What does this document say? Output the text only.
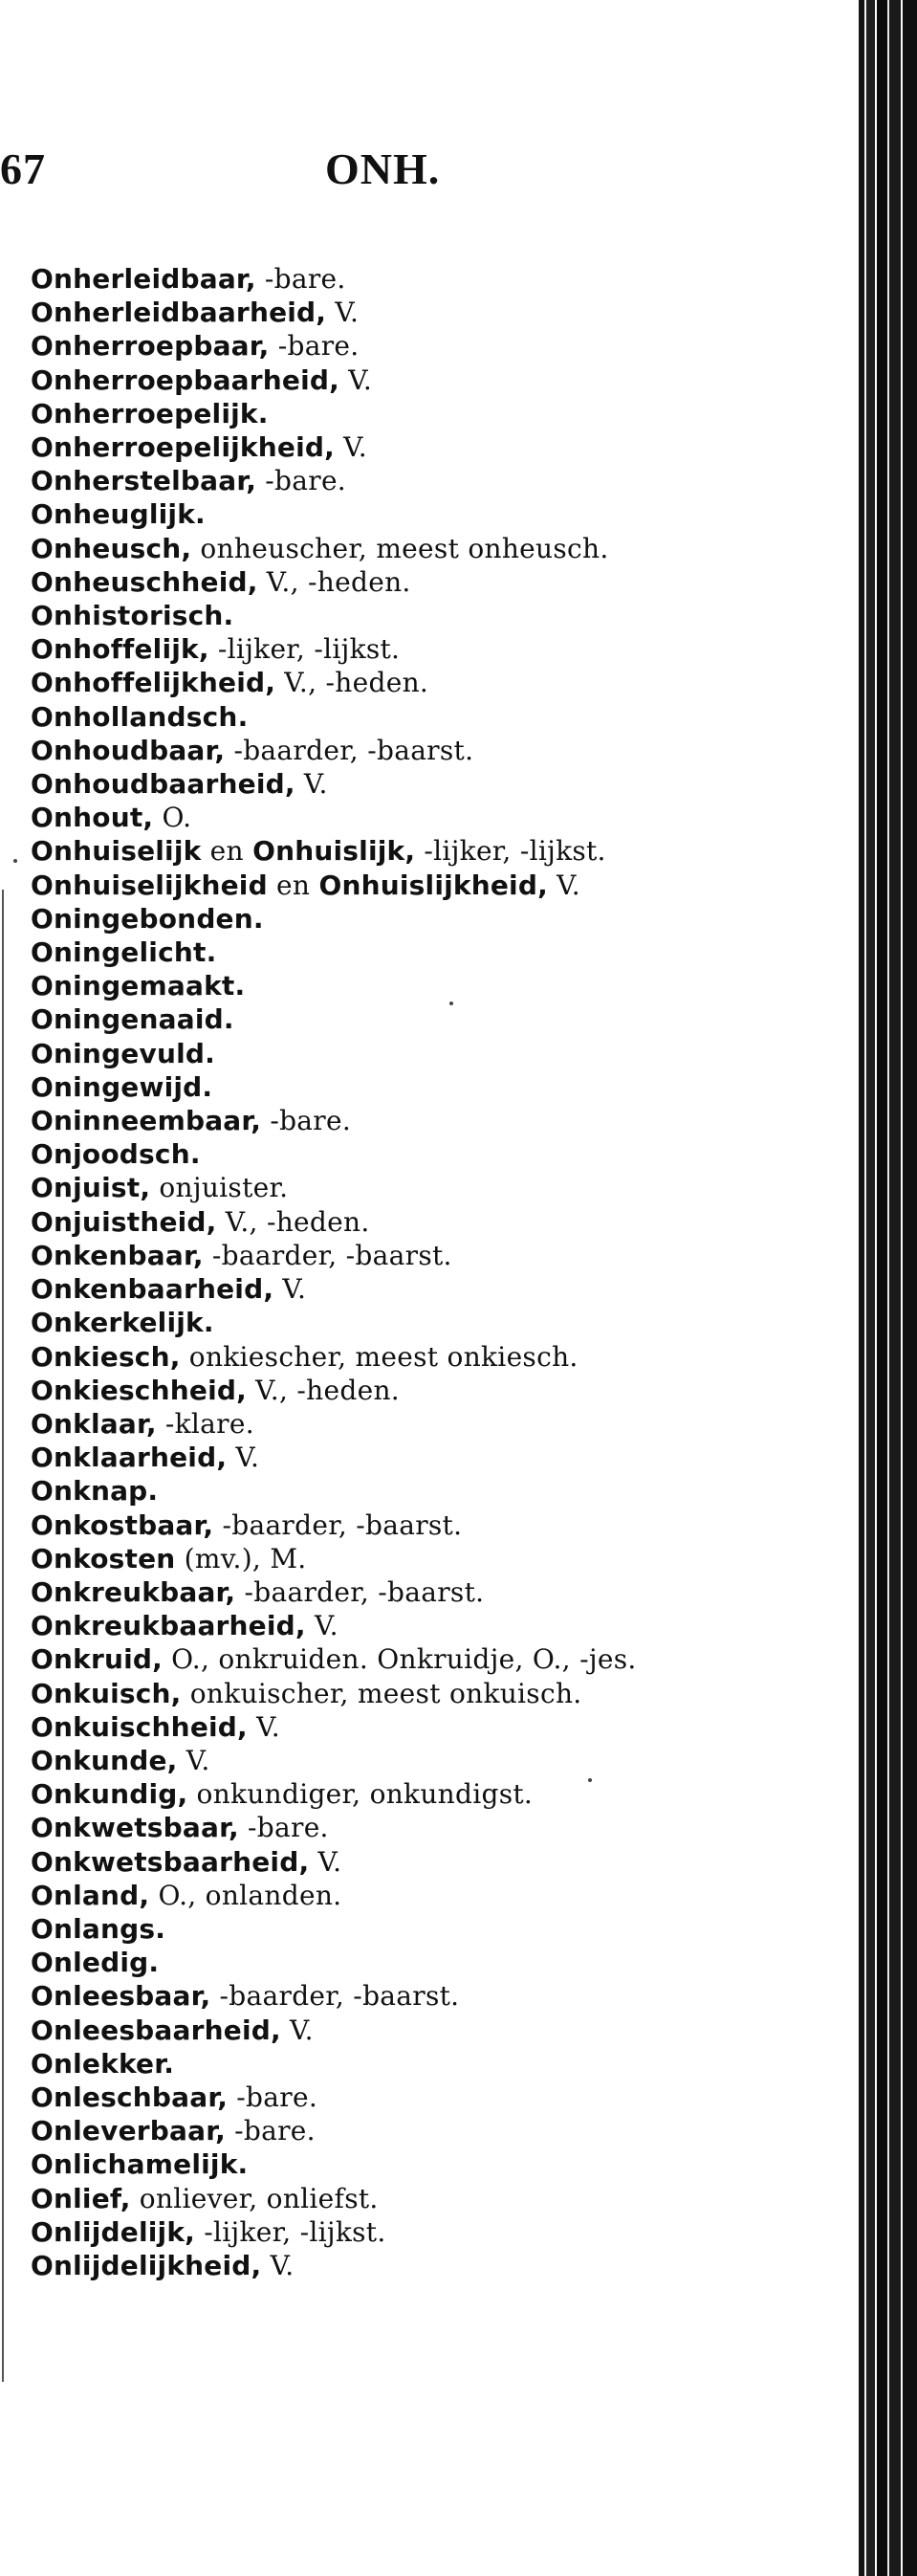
67	ONH.
Onherleidbaar, -bare.
Onherleidbaarheid, V.
Onherroepbaar, -bare.
Onherroepbaarheid, V.
Onherroepelijk.
Onherroepelijkheid, V.
Onherstelbaar, -bare.
Onheuglijk.
Onheusch, onheuscher, meest onheusch.
Onheuschheid, V., -heden.
Onhistorisch.
Onhoffelijk, -lijker, -lijkst.
Onhoffelijkheid, V., -heden.
Onhollandsch.
Onhoudbaar, -baarder, -baarst.
Onhoudbaarheid, V.
Onhout, O.
Onhuiselijk en Onhuislijk, -lijker, -lijkst.
Onhuiselijkheid en Onhuislijkheid, V.
Oningebonden.
Oningelicht.
Oningemaakt.
Oningenaaid.
Oningevuld.
Oningewijd.
Oninneembaar, -bare.
Onjoodsch.
Onjuist, onjuister.
Onjuistheid, V., -heden.
Onkenbaar, -baarder, -baarst.
Onkenbaarheid, V.
Onkerkelijk.
Onkiesch, onkiescher, meest onkiesch.
Onkieschheid, V., -heden.
Onklaar, -klare.
Onklaarheid, V.
Onknap.
Onkostbaar, -baarder, -baarst.
Onkosten (mv.), M.
Onkreukbaar, -baarder, -baarst.
Onkreukbaarheid, V.
Onkruid, O., onkruiden. Onkruidje, O., -jes.
Onkuisch, onkuischer, meest onkuisch.
Onkuischheid, V.
Onkunde, V.
Onkundig, onkundiger, onkundigst.
Onkwetsbaar, -bare.
Onkwetsbaarheid, V.
Onland, O., onlanden.
Onlangs.
Onledig.
Onleesbaar, -baarder, -baarst.
Onleesbaarheid, V.
Onlekker.
Onleschbaar, -bare.
Onleverbaar, -bare.
Onlichamelijk.
Onlief, onliever, onliefst.
Onlijdelijk, -lijker, -lijkst.
Onlijdelijkheid, V.
